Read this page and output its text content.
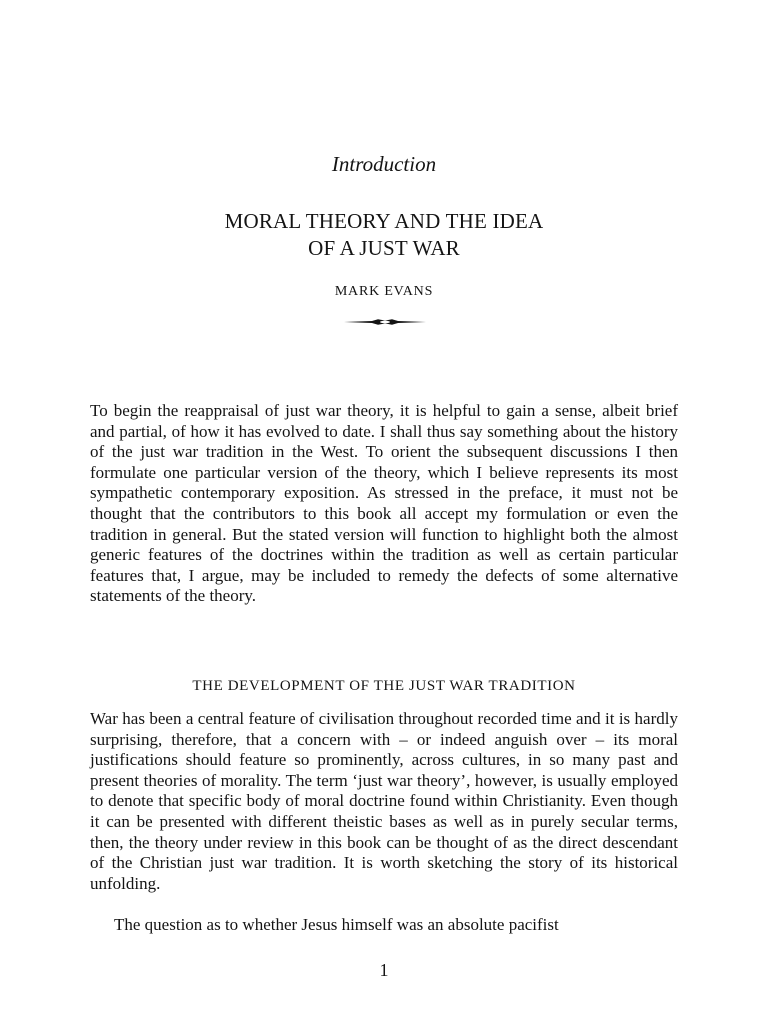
Introduction
MORAL THEORY AND THE IDEA
OF A JUST WAR
MARK EVANS

To begin the reappraisal of just war theory, it is helpful to gain a sense, albeit brief and partial, of how it has evolved to date. I shall thus say something about the history of the just war tradition in the West. To orient the subsequent discussions I then formulate one particular version of the theory, which I believe represents its most sympathetic contemporary exposition. As stressed in the preface, it must not be thought that the contributors to this book all accept my formulation or even the tradition in general. But the stated version will function to highlight both the almost generic features of the doctrines within the tradition as well as certain particular features that, I argue, may be included to remedy the defects of some alternative statements of the theory.

THE DEVELOPMENT OF THE JUST WAR TRADITION

War has been a central feature of civilisation throughout recorded time and it is hardly surprising, therefore, that a concern with – or indeed anguish over – its moral justifications should feature so prominently, across cultures, in so many past and present theories of morality. The term ‘just war theory’, however, is usually employed to denote that specific body of moral doctrine found within Christianity. Even though it can be presented with different theistic bases as well as in purely secular terms, then, the theory under review in this book can be thought of as the direct descendant of the Christian just war tradition. It is worth sketching the story of its historical unfolding.

The question as to whether Jesus himself was an absolute pacifist

1
